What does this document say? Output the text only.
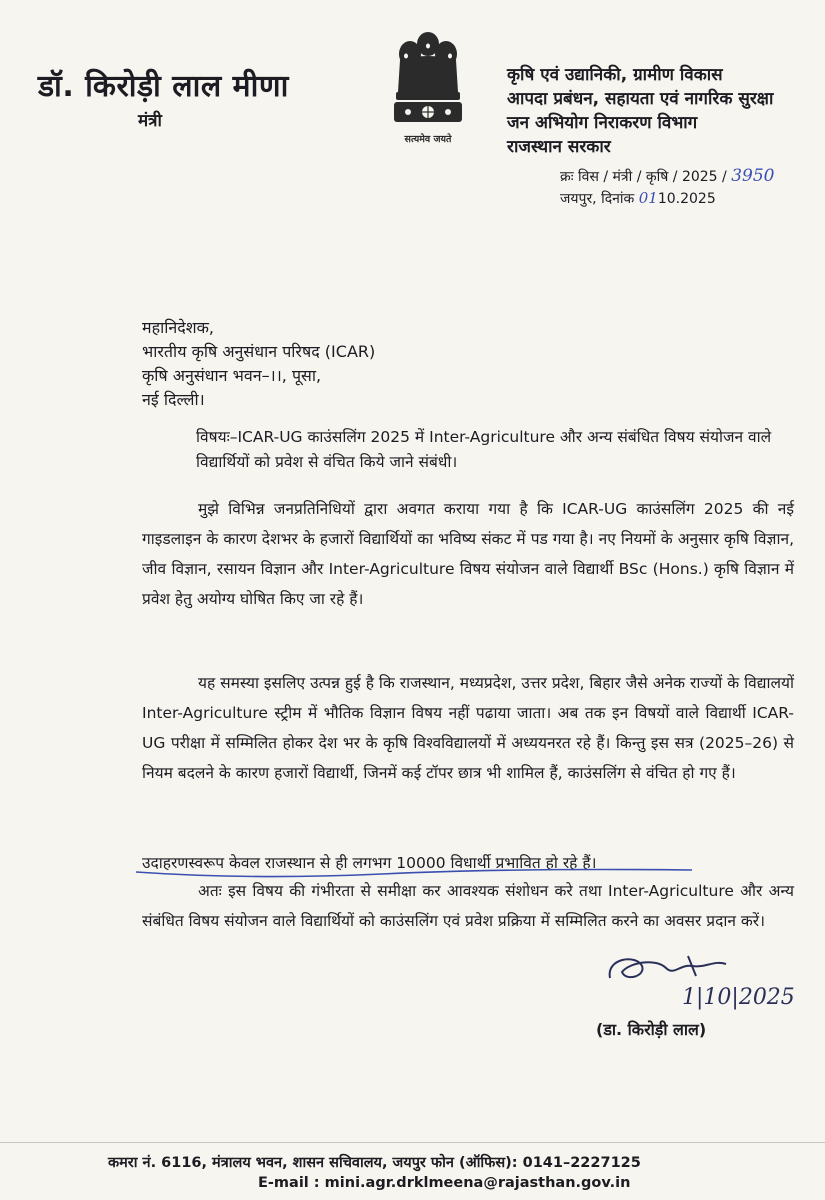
डॉ. किरोड़ी लाल मीणा
मंत्री
सत्यमेव जयते
कृषि एवं उद्यानिकी, ग्रामीण विकास
आपदा प्रबंधन, सहायता एवं नागरिक सुरक्षा
जन अभियोग निराकरण विभाग
राजस्थान सरकार
क्रः विस / मंत्री / कृषि / 2025 / 3950
जयपुर, दिनांक 0110.2025
महानिदेशक,
भारतीय कृषि अनुसंधान परिषद (ICAR)
कृषि अनुसंधान भवन–।।, पूसा,
नई दिल्ली।
विषयः–ICAR-UG काउंसलिंग 2025 में Inter-Agriculture और अन्य संबंधित विषय संयोजन वाले विद्यार्थियों को प्रवेश से वंचित किये जाने संबंधी।
मुझे विभिन्न जनप्रतिनिधियों द्वारा अवगत कराया गया है कि ICAR-UG काउंसलिंग 2025 की नई गाइडलाइन के कारण देशभर के हजारों विद्यार्थियों का भविष्य संकट में पड गया है। नए नियमों के अनुसार कृषि विज्ञान, जीव विज्ञान, रसायन विज्ञान और Inter-Agriculture विषय संयोजन वाले विद्यार्थी BSc (Hons.) कृषि विज्ञान में प्रवेश हेतु अयोग्य घोषित किए जा रहे हैं।
यह समस्या इसलिए उत्पन्न हुई है कि राजस्थान, मध्यप्रदेश, उत्तर प्रदेश, बिहार जैसे अनेक राज्यों के विद्यालयों Inter-Agriculture स्ट्रीम में भौतिक विज्ञान विषय नहीं पढाया जाता। अब तक इन विषयों वाले विद्यार्थी ICAR-UG परीक्षा में सम्मिलित होकर देश भर के कृषि विश्वविद्यालयों में अध्ययनरत रहे हैं। किन्तु इस सत्र (2025–26) से नियम बदलने के कारण हजारों विद्यार्थी, जिनमें कई टॉपर छात्र भी शामिल हैं, काउंसलिंग से वंचित हो गए हैं।
उदाहरणस्वरूप केवल राजस्थान से ही लगभग 10000 विधार्थी प्रभावित हो रहे हैं।
अतः इस विषय की गंभीरता से समीक्षा कर आवश्यक संशोधन करे तथा Inter-Agriculture और अन्य संबंधित विषय संयोजन वाले विद्यार्थियों को काउंसलिंग एवं प्रवेश प्रक्रिया में सम्मिलित करने का अवसर प्रदान करें।
1|10|2025
(डा. किरोड़ी लाल)
कमरा नं. 6116, मंत्रालय भवन, शासन सचिवालय, जयपुर फोन (ऑफिस): 0141–2227125
E-mail : mini.agr.drklmeena@rajasthan.gov.in
